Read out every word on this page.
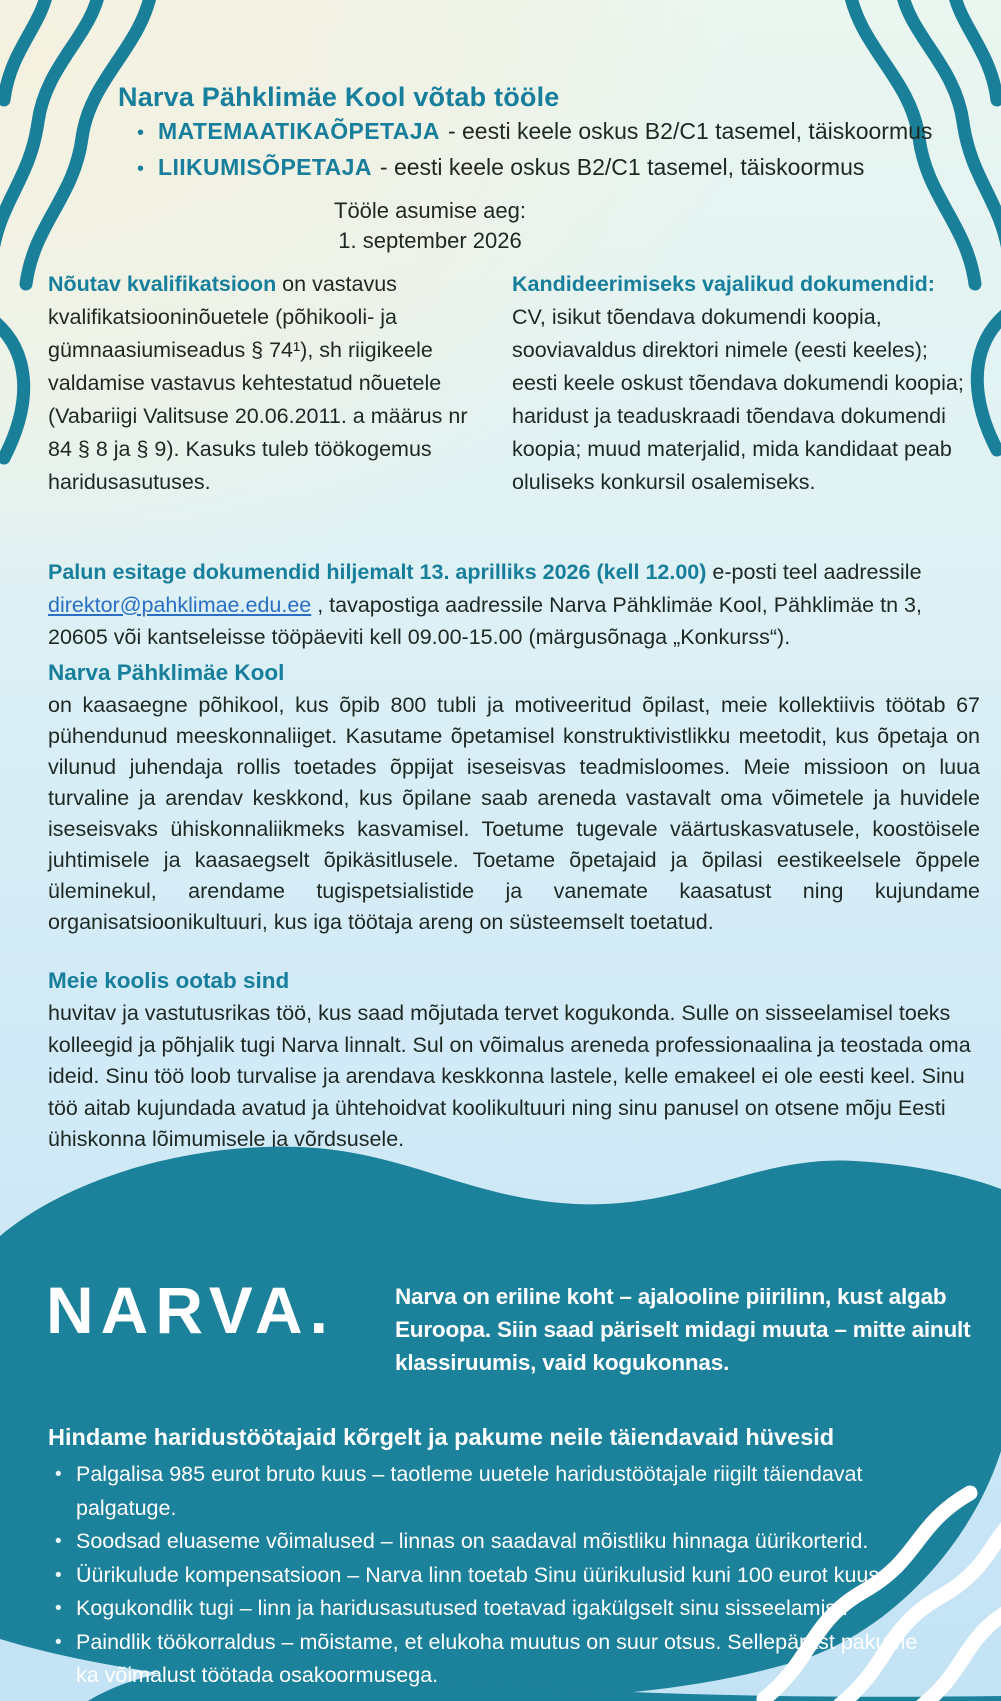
Narva Pähklimäe Kool võtab tööle
• MATEMAATIKAÕPETAJA - eesti keele oskus B2/C1 tasemel, täiskoormus
• LIIKUMISÕPETAJA - eesti keele oskus B2/C1 tasemel, täiskoormus
Tööle asumise aeg:
1. september 2026
Nõutav kvalifikatsioon on vastavus kvalifikatsiooninõuetele (põhikooli- ja gümnaasiumiseadus § 74¹), sh riigikeele valdamise vastavus kehtestatud nõuetele (Vabariigi Valitsuse 20.06.2011. a määrus nr 84 § 8 ja § 9). Kasuks tuleb töökogemus haridusasutuses.
Kandideerimiseks vajalikud dokumendid:
CV, isikut tõendava dokumendi koopia, sooviavaldus direktori nimele (eesti keeles); eesti keele oskust tõendava dokumendi koopia; haridust ja teaduskraadi tõendava dokumendi koopia; muud materjalid, mida kandidaat peab oluliseks konkursil osalemiseks.
Palun esitage dokumendid hiljemalt 13. aprilliks 2026 (kell 12.00) e-posti teel aadressile direktor@pahklimae.edu.ee , tavapostiga aadressile Narva Pähklimäe Kool, Pähklimäe tn 3, 20605 või kantseleisse tööpäeviti kell 09.00-15.00 (märgusõnaga „Konkurss“).
Narva Pähklimäe Kool
on kaasaegne põhikool, kus õpib 800 tubli ja motiveeritud õpilast, meie kollektiivis töötab 67 pühendunud meeskonnaliiget. Kasutame õpetamisel konstruktivistlikku meetodit, kus õpetaja on vilunud juhendaja rollis toetades õppijat iseseisvas teadmisloomes. Meie missioon on luua turvaline ja arendav keskkond, kus õpilane saab areneda vastavalt oma võimetele ja huvidele iseseisvaks ühiskonnaliikmeks kasvamisel. Toetume tugevale väärtuskasvatusele, koostöisele juhtimisele ja kaasaegselt õpikäsitlusele. Toetame õpetajaid ja õpilasi eestikeelsele õppele üleminekul, arendame tugispetsialistide ja vanemate kaasatust ning kujundame organisatsioonikultuuri, kus iga töötaja areng on süsteemselt toetatud.
Meie koolis ootab sind
huvitav ja vastutusrikas töö, kus saad mõjutada tervet kogukonda. Sulle on sisseelamisel toeks kolleegid ja põhjalik tugi Narva linnalt. Sul on võimalus areneda professionaalina ja teostada oma ideid. Sinu töö loob turvalise ja arendava keskkonna lastele, kelle emakeel ei ole eesti keel. Sinu töö aitab kujundada avatud ja ühtehoidvat koolikultuuri ning sinu panusel on otsene mõju Eesti ühiskonna lõimumisele ja võrdsusele.
NARVA.	Narva on eriline koht – ajalooline piirilinn, kust algab Euroopa. Siin saad päriselt midagi muuta – mitte ainult klassiruumis, vaid kogukonnas.
Hindame haridustöötajaid kõrgelt ja pakume neile täiendavaid hüvesid
• Palgalisa 985 eurot bruto kuus – taotleme uuetele haridustöötajale riigilt täiendavat palgatuge.
• Soodsad eluaseme võimalused – linnas on saadaval mõistliku hinnaga üürikorterid.
• Üürikulude kompensatsioon – Narva linn toetab Sinu üürikulusid kuni 100 eurot kuus.
• Kogukondlik tugi – linn ja haridusasutused toetavad igakülgselt sinu sisseelamist.
• Paindlik töökorraldus – mõistame, et elukoha muutus on suur otsus. Sellepärast pakume ka võimalust töötada osakoormusega.
